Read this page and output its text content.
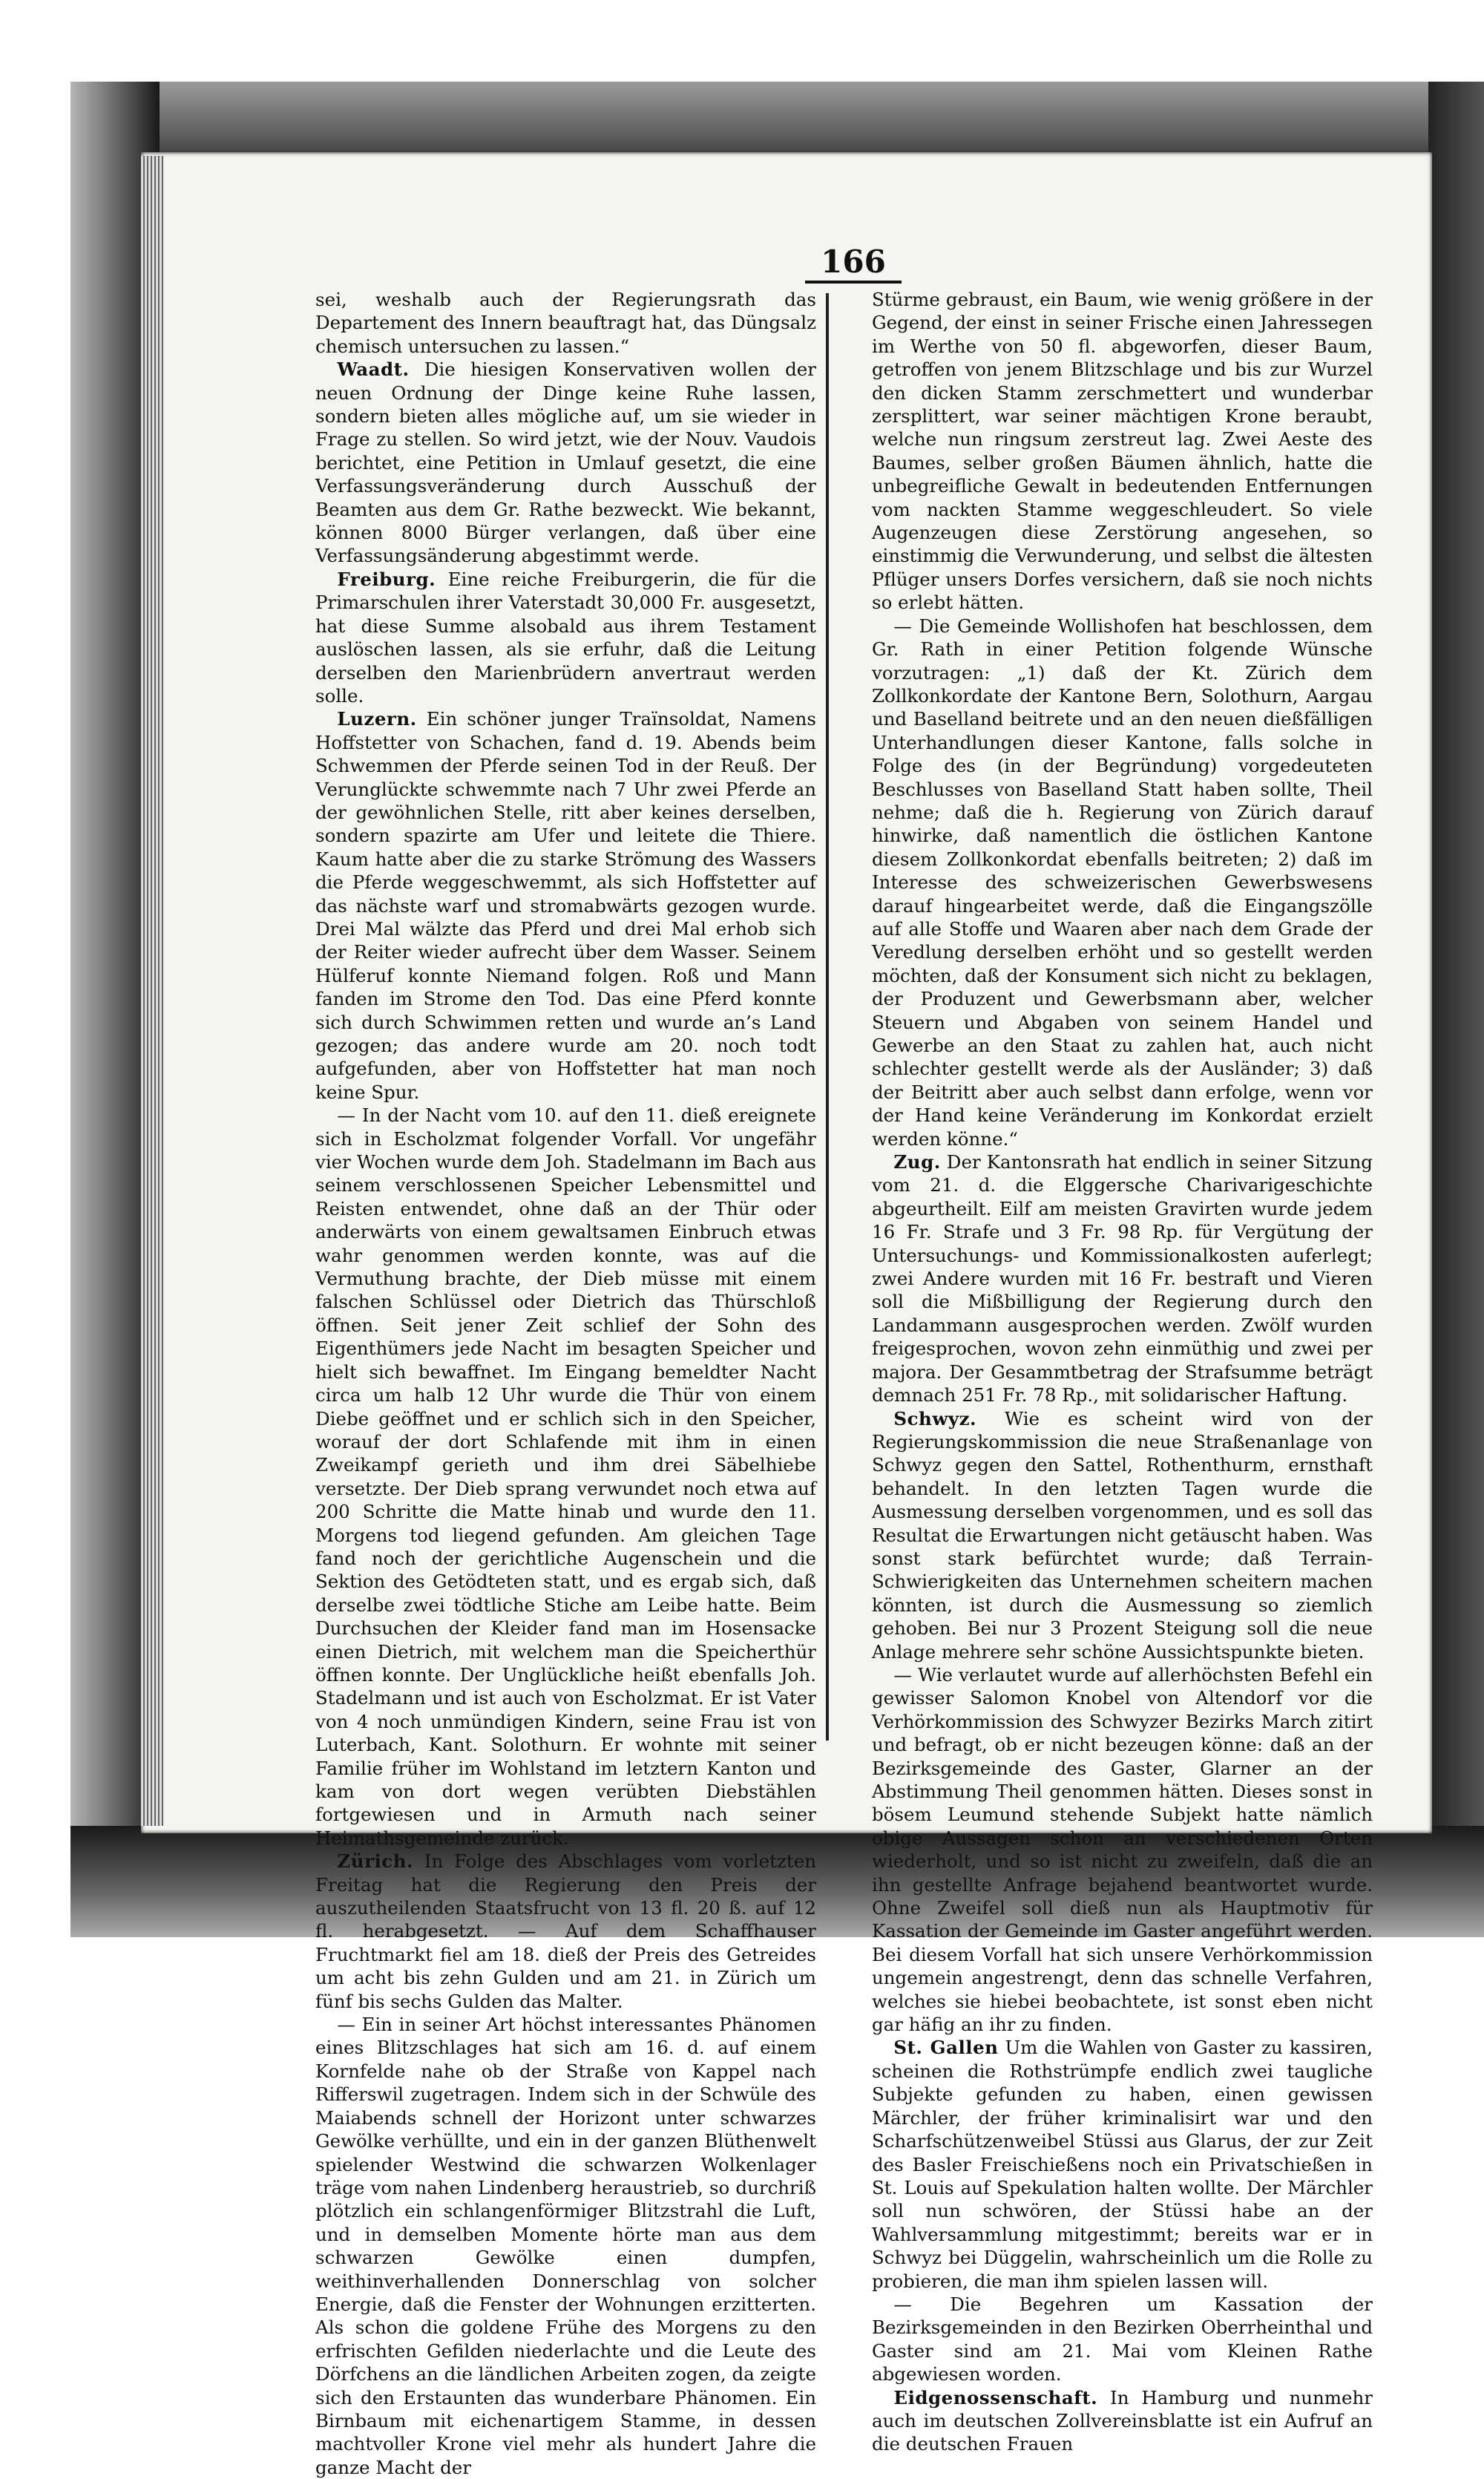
166

sei, weshalb auch der Regierungsrath das Departement des Innern beauftragt hat, das Düngsalz chemisch untersuchen zu lassen.“

Waadt. Die hiesigen Konservativen wollen der neuen Ordnung der Dinge keine Ruhe lassen, sondern bieten alles mögliche auf, um sie wieder in Frage zu stellen. So wird jetzt, wie der Nouv. Vaudois berichtet, eine Petition in Umlauf gesetzt, die eine Verfassungsveränderung durch Ausschuß der Beamten aus dem Gr. Rathe bezweckt. Wie bekannt, können 8000 Bürger verlangen, daß über eine Verfassungsänderung abgestimmt werde.

Freiburg. Eine reiche Freiburgerin, die für die Primarschulen ihrer Vaterstadt 30,000 Fr. ausgesetzt, hat diese Summe alsobald aus ihrem Testament auslöschen lassen, als sie erfuhr, daß die Leitung derselben den Marienbrüdern anvertraut werden solle.

Luzern. Ein schöner junger Traïnsoldat, Namens Hoffstetter von Schachen, fand d. 19. Abends beim Schwemmen der Pferde seinen Tod in der Reuß. Der Verunglückte schwemmte nach 7 Uhr zwei Pferde an der gewöhnlichen Stelle, ritt aber keines derselben, sondern spazirte am Ufer und leitete die Thiere. Kaum hatte aber die zu starke Strömung des Wassers die Pferde weggeschwemmt, als sich Hoffstetter auf das nächste warf und stromabwärts gezogen wurde. Drei Mal wälzte das Pferd und drei Mal erhob sich der Reiter wieder aufrecht über dem Wasser. Seinem Hülferuf konnte Niemand folgen. Roß und Mann fanden im Strome den Tod. Das eine Pferd konnte sich durch Schwimmen retten und wurde an’s Land gezogen; das andere wurde am 20. noch todt aufgefunden, aber von Hoffstetter hat man noch keine Spur.

— In der Nacht vom 10. auf den 11. dieß ereignete sich in Escholzmat folgender Vorfall. Vor ungefähr vier Wochen wurde dem Joh. Stadelmann im Bach aus seinem verschlossenen Speicher Lebensmittel und Reisten entwendet, ohne daß an der Thür oder anderwärts von einem gewaltsamen Einbruch etwas wahr genommen werden konnte, was auf die Vermuthung brachte, der Dieb müsse mit einem falschen Schlüssel oder Dietrich das Thürschloß öffnen. Seit jener Zeit schlief der Sohn des Eigenthümers jede Nacht im besagten Speicher und hielt sich bewaffnet. Im Eingang bemeldter Nacht circa um halb 12 Uhr wurde die Thür von einem Diebe geöffnet und er schlich sich in den Speicher, worauf der dort Schlafende mit ihm in einen Zweikampf gerieth und ihm drei Säbelhiebe versetzte. Der Dieb sprang verwundet noch etwa auf 200 Schritte die Matte hinab und wurde den 11. Morgens tod liegend gefunden. Am gleichen Tage fand noch der gerichtliche Augenschein und die Sektion des Getödteten statt, und es ergab sich, daß derselbe zwei tödtliche Stiche am Leibe hatte. Beim Durchsuchen der Kleider fand man im Hosensacke einen Dietrich, mit welchem man die Speicherthür öffnen konnte. Der Unglückliche heißt ebenfalls Joh. Stadelmann und ist auch von Escholzmat. Er ist Vater von 4 noch unmündigen Kindern, seine Frau ist von Luterbach, Kant. Solothurn. Er wohnte mit seiner Familie früher im Wohlstand im letztern Kanton und kam von dort wegen verübten Diebstählen fortgewiesen und in Armuth nach seiner Heimathsgemeinde zurück.

Zürich. In Folge des Abschlages vom vorletzten Freitag hat die Regierung den Preis der auszutheilenden Staatsfrucht von 13 fl. 20 ß. auf 12 fl. herabgesetzt. — Auf dem Schaffhauser Fruchtmarkt fiel am 18. dieß der Preis des Getreides um acht bis zehn Gulden und am 21. in Zürich um fünf bis sechs Gulden das Malter.

— Ein in seiner Art höchst interessantes Phänomen eines Blitzschlages hat sich am 16. d. auf einem Kornfelde nahe ob der Straße von Kappel nach Rifferswil zugetragen. Indem sich in der Schwüle des Maiabends schnell der Horizont unter schwarzes Gewölke verhüllte, und ein in der ganzen Blüthenwelt spielender Westwind die schwarzen Wolkenlager träge vom nahen Lindenberg heraustrieb, so durchriß plötzlich ein schlangenförmiger Blitzstrahl die Luft, und in demselben Momente hörte man aus dem schwarzen Gewölke einen dumpfen, weithinverhallenden Donnerschlag von solcher Energie, daß die Fenster der Wohnungen erzitterten. Als schon die goldene Frühe des Morgens zu den erfrischten Gefilden niederlachte und die Leute des Dörfchens an die ländlichen Arbeiten zogen, da zeigte sich den Erstaunten das wunderbare Phänomen. Ein Birnbaum mit eichenartigem Stamme, in dessen machtvoller Krone viel mehr als hundert Jahre die ganze Macht der

Stürme gebraust, ein Baum, wie wenig größere in der Gegend, der einst in seiner Frische einen Jahressegen im Werthe von 50 fl. abgeworfen, dieser Baum, getroffen von jenem Blitzschlage und bis zur Wurzel den dicken Stamm zerschmettert und wunderbar zersplittert, war seiner mächtigen Krone beraubt, welche nun ringsum zerstreut lag. Zwei Aeste des Baumes, selber großen Bäumen ähnlich, hatte die unbegreifliche Gewalt in bedeutenden Entfernungen vom nackten Stamme weggeschleudert. So viele Augenzeugen diese Zerstörung angesehen, so einstimmig die Verwunderung, und selbst die ältesten Pflüger unsers Dorfes versichern, daß sie noch nichts so erlebt hätten.

— Die Gemeinde Wollishofen hat beschlossen, dem Gr. Rath in einer Petition folgende Wünsche vorzutragen: „1) daß der Kt. Zürich dem Zollkonkordate der Kantone Bern, Solothurn, Aargau und Baselland beitrete und an den neuen dießfälligen Unterhandlungen dieser Kantone, falls solche in Folge des (in der Begründung) vorgedeuteten Beschlusses von Baselland Statt haben sollte, Theil nehme; daß die h. Regierung von Zürich darauf hinwirke, daß namentlich die östlichen Kantone diesem Zollkonkordat ebenfalls beitreten; 2) daß im Interesse des schweizerischen Gewerbswesens darauf hingearbeitet werde, daß die Eingangszölle auf alle Stoffe und Waaren aber nach dem Grade der Veredlung derselben erhöht und so gestellt werden möchten, daß der Konsument sich nicht zu beklagen, der Produzent und Gewerbsmann aber, welcher Steuern und Abgaben von seinem Handel und Gewerbe an den Staat zu zahlen hat, auch nicht schlechter gestellt werde als der Ausländer; 3) daß der Beitritt aber auch selbst dann erfolge, wenn vor der Hand keine Veränderung im Konkordat erzielt werden könne.“

Zug. Der Kantonsrath hat endlich in seiner Sitzung vom 21. d. die Elggersche Charivarigeschichte abgeurtheilt. Eilf am meisten Gravirten wurde jedem 16 Fr. Strafe und 3 Fr. 98 Rp. für Vergütung der Untersuchungs- und Kommissionalkosten auferlegt; zwei Andere wurden mit 16 Fr. bestraft und Vieren soll die Mißbilligung der Regierung durch den Landammann ausgesprochen werden. Zwölf wurden freigesprochen, wovon zehn einmüthig und zwei per majora. Der Gesammtbetrag der Strafsumme beträgt demnach 251 Fr. 78 Rp., mit solidarischer Haftung.

Schwyz. Wie es scheint wird von der Regierungskommission die neue Straßenanlage von Schwyz gegen den Sattel, Rothenthurm, ernsthaft behandelt. In den letzten Tagen wurde die Ausmessung derselben vorgenommen, und es soll das Resultat die Erwartungen nicht getäuscht haben. Was sonst stark befürchtet wurde; daß Terrain-Schwierigkeiten das Unternehmen scheitern machen könnten, ist durch die Ausmessung so ziemlich gehoben. Bei nur 3 Prozent Steigung soll die neue Anlage mehrere sehr schöne Aussichtspunkte bieten.

— Wie verlautet wurde auf allerhöchsten Befehl ein gewisser Salomon Knobel von Altendorf vor die Verhörkommission des Schwyzer Bezirks March zitirt und befragt, ob er nicht bezeugen könne: daß an der Bezirksgemeinde des Gaster, Glarner an der Abstimmung Theil genommen hätten. Dieses sonst in bösem Leumund stehende Subjekt hatte nämlich obige Aussagen schon an verschiedenen Orten wiederholt, und so ist nicht zu zweifeln, daß die an ihn gestellte Anfrage bejahend beantwortet wurde. Ohne Zweifel soll dieß nun als Hauptmotiv für Kassation der Gemeinde im Gaster angeführt werden. Bei diesem Vorfall hat sich unsere Verhörkommission ungemein angestrengt, denn das schnelle Verfahren, welches sie hiebei beobachtete, ist sonst eben nicht gar häfig an ihr zu finden.

St. Gallen Um die Wahlen von Gaster zu kassiren, scheinen die Rothstrümpfe endlich zwei taugliche Subjekte gefunden zu haben, einen gewissen Märchler, der früher kriminalisirt war und den Scharfschützenweibel Stüssi aus Glarus, der zur Zeit des Basler Freischießens noch ein Privatschießen in St. Louis auf Spekulation halten wollte. Der Märchler soll nun schwören, der Stüssi habe an der Wahlversammlung mitgestimmt; bereits war er in Schwyz bei Düggelin, wahrscheinlich um die Rolle zu probieren, die man ihm spielen lassen will.

— Die Begehren um Kassation der Bezirksgemeinden in den Bezirken Oberrheinthal und Gaster sind am 21. Mai vom Kleinen Rathe abgewiesen worden.

Eidgenossenschaft. In Hamburg und nunmehr auch im deutschen Zollvereinsblatte ist ein Aufruf an die deutschen Frauen
